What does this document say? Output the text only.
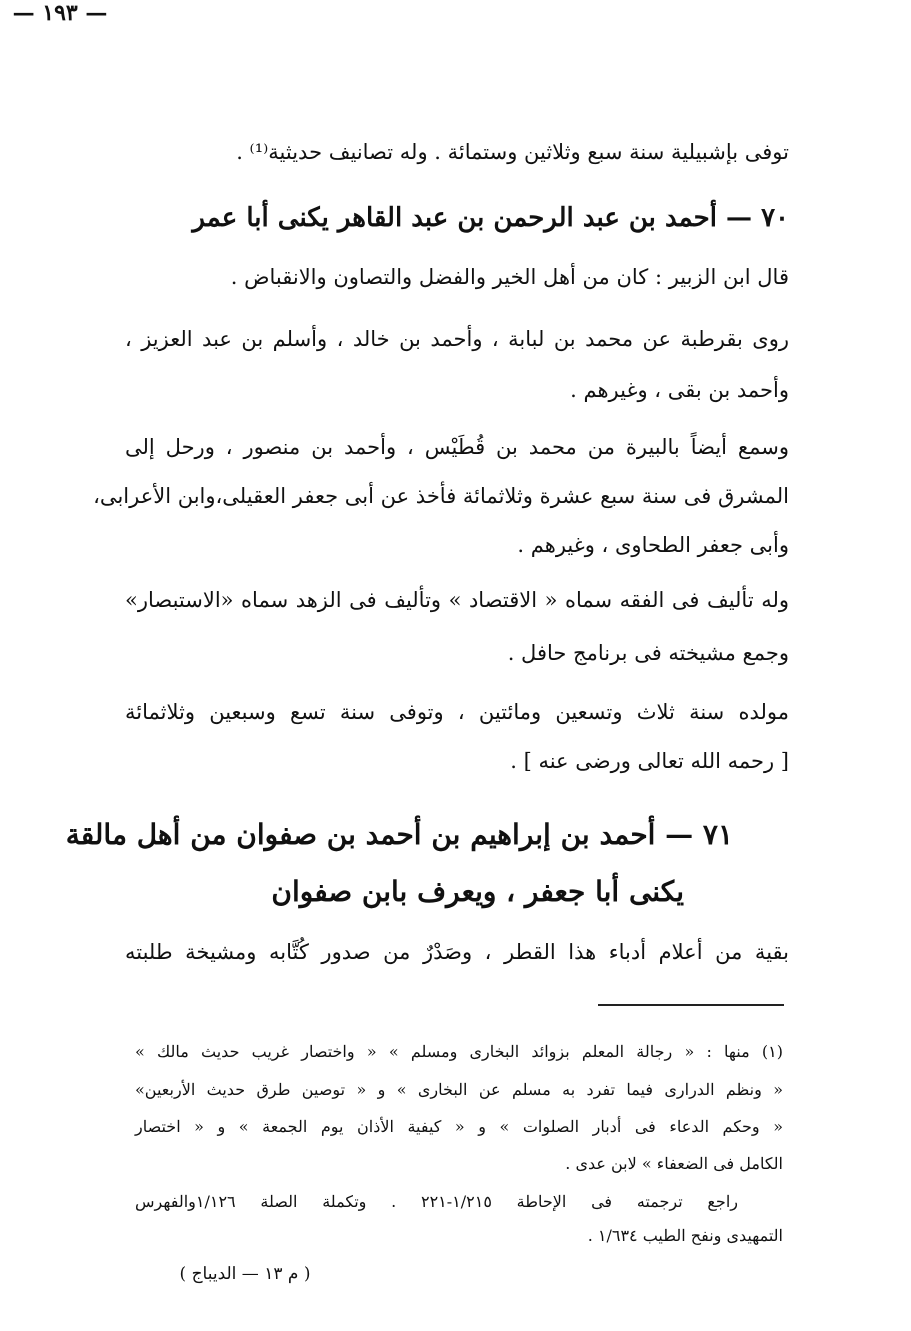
— ١٩٣ —
توفى بإشبيلية سنة سبع وثلاثين وستمائة . وله تصانيف حديثية⁽¹⁾ .
٧٠ — أحمد بن عبد الرحمن بن عبد القاهر يكنى أبا عمر
قال ابن الزبير : كان من أهل الخير والفضل والتصاون والانقباض .
روى بقرطبة عن محمد بن لبابة ، وأحمد بن خالد ، وأسلم بن عبد العزيز ،
وأحمد بن بقى ، وغيرهم .
وسمع أيضاً بالبيرة من محمد بن قُطَيْس ، وأحمد بن منصور ، ورحل إلى
المشرق فى سنة سبع عشرة وثلاثمائة فأخذ عن أبى جعفر العقيلى،وابن الأعرابى،
وأبى جعفر الطحاوى ، وغيرهم .
وله تأليف فى الفقه سماه « الاقتصاد » وتأليف فى الزهد سماه «الاستبصار»
وجمع مشيخته فى برنامج حافل .
مولده سنة ثلاث وتسعين ومائتين ، وتوفى سنة تسع وسبعين وثلاثمائة
[ رحمه الله تعالى ورضى عنه ] .
٧١ — أحمد بن إبراهيم بن أحمد بن صفوان من أهل مالقة
يكنى أبا جعفر ، ويعرف بابن صفوان
بقية من أعلام أدباء هذا القطر ، وصَدْرٌ من صدور كُتَّابه ومشيخة طلبته
(١) منها : « رجالة المعلم بزوائد البخارى ومسلم » « واختصار غريب حديث مالك »
« ونظم الدرارى فيما تفرد به مسلم عن البخارى » و « توصين طرق حديث الأربعين»
« وحكم الدعاء فى أدبار الصلوات » و « كيفية الأذان يوم الجمعة » و « اختصار
الكامل فى الضعفاء » لابن عدى .
راجع ترجمته فى الإحاطة ١/٢١٥-٢٢١ . وتكملة الصلة ١/١٢٦والفهرس
التمهيدى ونفح الطيب ١/٦٣٤ .
( م ١٣ — الديباج )
